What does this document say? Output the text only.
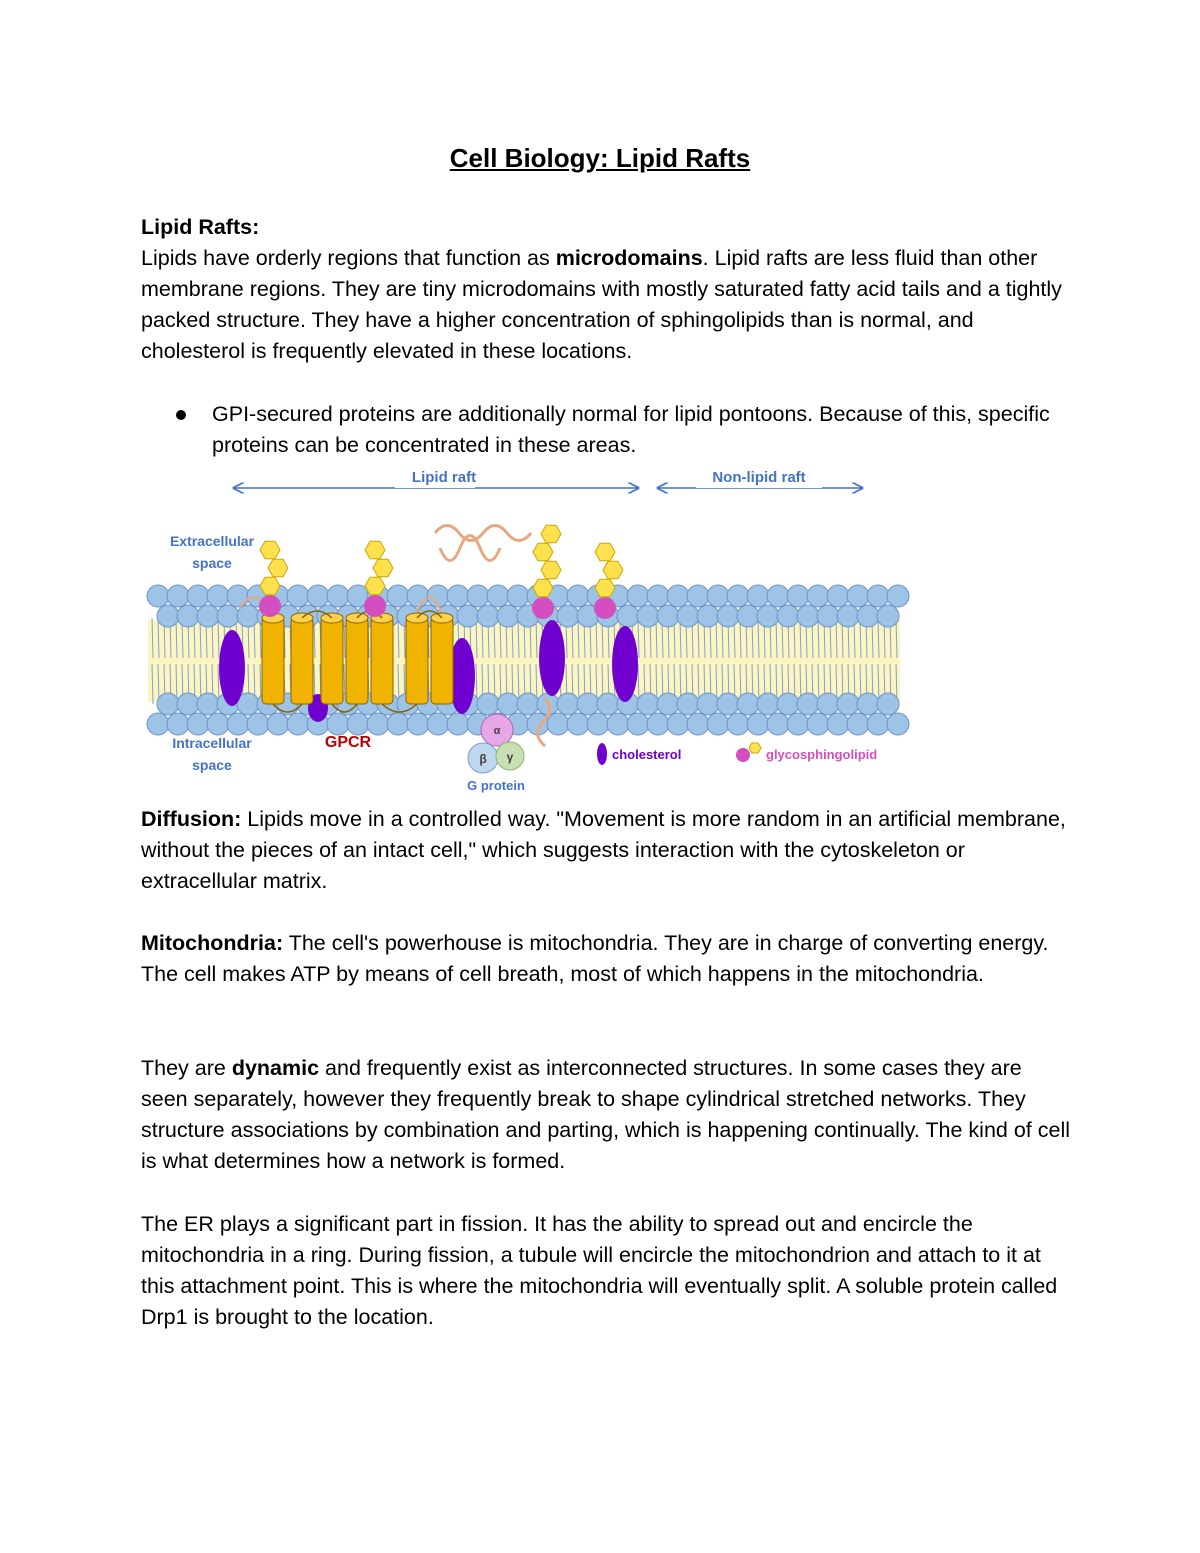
Cell Biology: Lipid Rafts
Lipid Rafts:
Lipids have orderly regions that function as microdomains. Lipid rafts are less fluid than other membrane regions. They are tiny microdomains with mostly saturated fatty acid tails and a tightly packed structure. They have a higher concentration of sphingolipids than is normal, and cholesterol is frequently elevated in these locations.
GPI-secured proteins are additionally normal for lipid pontoons. Because of this, specific proteins can be concentrated in these areas.
Lipid raft	Non-lipid raft
Extracellular
space
Intracellular
space
GPCR
α
β γ
G protein
cholesterol	glycosphingolipid
Diffusion: Lipids move in a controlled way. "Movement is more random in an artificial membrane, without the pieces of an intact cell," which suggests interaction with the cytoskeleton or extracellular matrix.
Mitochondria: The cell's powerhouse is mitochondria. They are in charge of converting energy. The cell makes ATP by means of cell breath, most of which happens in the mitochondria.
They are dynamic and frequently exist as interconnected structures. In some cases they are seen separately, however they frequently break to shape cylindrical stretched networks. They structure associations by combination and parting, which is happening continually. The kind of cell is what determines how a network is formed.
The ER plays a significant part in fission. It has the ability to spread out and encircle the mitochondria in a ring. During fission, a tubule will encircle the mitochondrion and attach to it at this attachment point. This is where the mitochondria will eventually split. A soluble protein called Drp1 is brought to the location.
